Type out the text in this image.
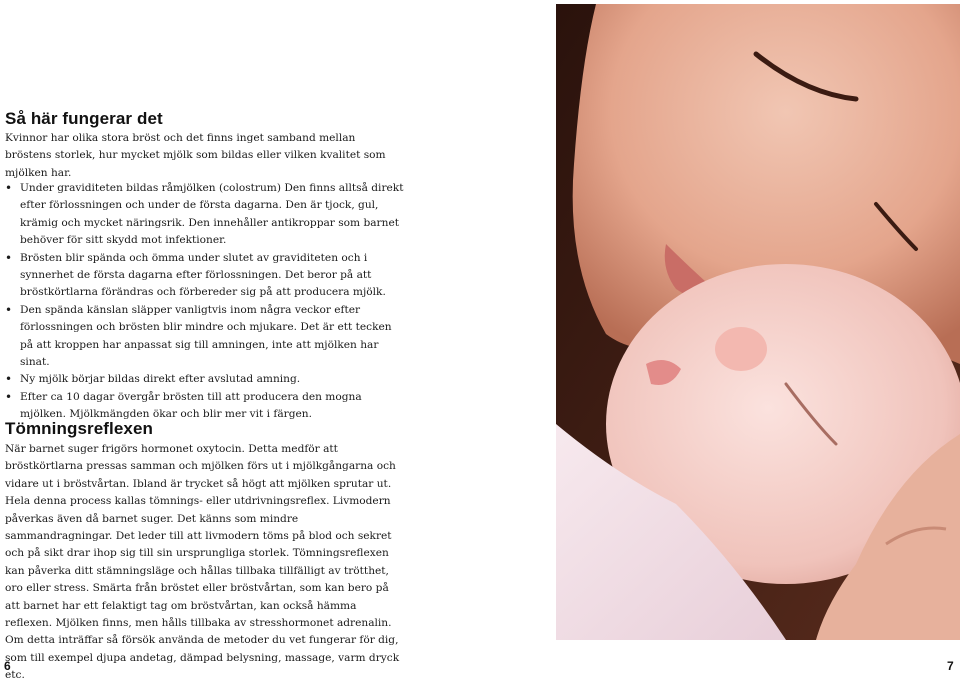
Så här fungerar det

Kvinnor har olika stora bröst och det finns inget samband mellan bröstens storlek, hur mycket mjölk som bildas eller vilken kvalitet som mjölken har.

• Under graviditeten bildas råmjölken (colostrum) Den finns alltså direkt efter förlossningen och under de första dagarna. Den är tjock, gul, krämig och mycket näringsrik. Den innehåller antikroppar som barnet behöver för sitt skydd mot infektioner.
• Brösten blir spända och ömma under slutet av graviditeten och i synnerhet de första dagarna efter förlossningen. Det beror på att bröstkörtlarna förändras och förbereder sig på att producera mjölk.
• Den spända känslan släpper vanligtvis inom några veckor efter förlossningen och brösten blir mindre och mjukare. Det är ett tecken på att kroppen har anpassat sig till amningen, inte att mjölken har sinat.
• Ny mjölk börjar bildas direkt efter avslutad amning.
• Efter ca 10 dagar övergår brösten till att producera den mogna mjölken. Mjölkmängden ökar och blir mer vit i färgen.
Tömningsreflexen

När barnet suger frigörs hormonet oxytocin. Detta medför att bröstkörtlarna pressas samman och mjölken förs ut i mjölkgångarna och vidare ut i bröstvårtan. Ibland är trycket så högt att mjölken sprutar ut. Hela denna process kallas tömnings- eller utdrivningsreflex. Livmodern påverkas även då barnet suger. Det känns som mindre sammandragningar. Det leder till att livmodern töms på blod och sekret och på sikt drar ihop sig till sin ursprungliga storlek. Tömningsreflexen kan påverka ditt stämningsläge och hållas tillbaka tillfälligt av trötthet, oro eller stress. Smärta från bröstet eller bröstvårtan, som kan bero på att barnet har ett felaktigt tag om bröstvårtan, kan också hämma reflexen. Mjölken finns, men hålls tillbaka av stresshormonet adrenalin. Om detta inträffar så försök använda de metoder du vet fungerar för dig, som till exempel djupa andetag, dämpad belysning, massage, varm dryck etc.

6	7
